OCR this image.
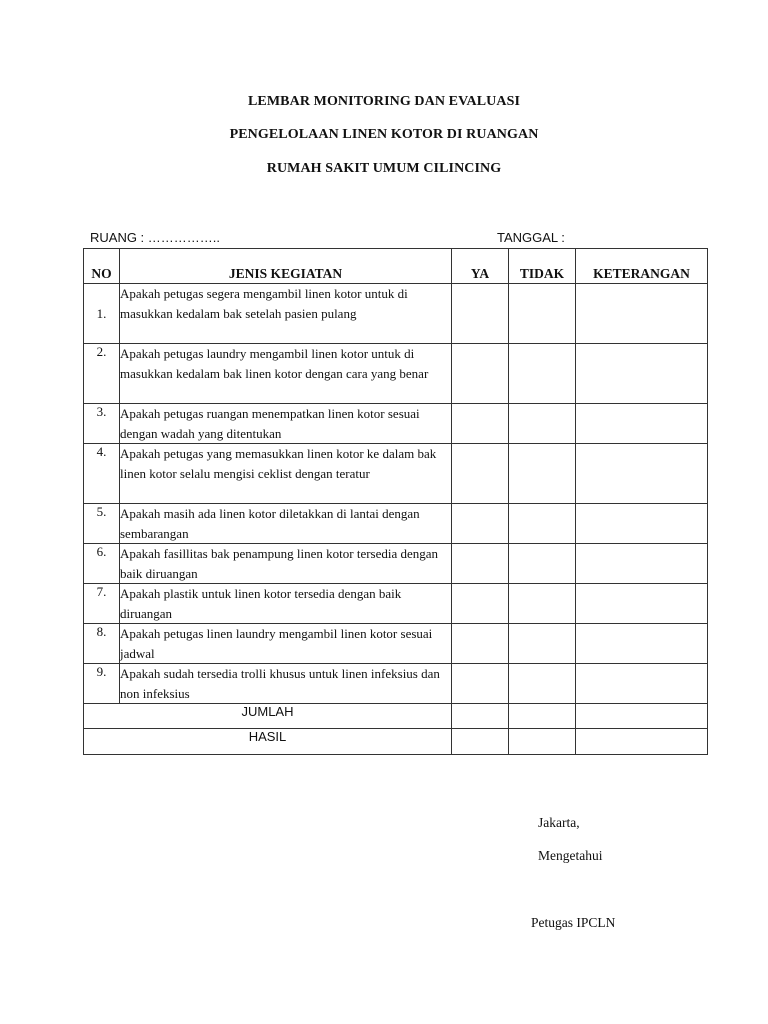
LEMBAR MONITORING DAN EVALUASI
PENGELOLAAN LINEN KOTOR DI RUANGAN
RUMAH SAKIT UMUM CILINCING
RUANG : ……………..	TANGGAL :
NO	JENIS KEGIATAN	YA	TIDAK	KETERANGAN
1.	Apakah petugas segera mengambil linen kotor untuk di masukkan kedalam bak setelah pasien pulang			
2.	Apakah petugas laundry mengambil linen kotor untuk di masukkan kedalam bak linen kotor dengan cara yang benar			
3.	Apakah petugas ruangan menempatkan linen kotor sesuai dengan wadah yang ditentukan			
4.	Apakah petugas yang memasukkan linen kotor ke dalam bak linen kotor selalu mengisi ceklist dengan teratur			
5.	Apakah masih ada linen kotor diletakkan di lantai dengan sembarangan			
6.	Apakah fasillitas bak penampung linen kotor tersedia dengan baik diruangan			
7.	Apakah plastik untuk linen kotor tersedia dengan baik diruangan			
8.	Apakah petugas linen laundry mengambil linen kotor sesuai jadwal			
9.	Apakah sudah tersedia trolli khusus untuk linen infeksius dan non infeksius			
JUMLAH				
HASIL				
Jakarta,
Mengetahui
Petugas IPCLN
